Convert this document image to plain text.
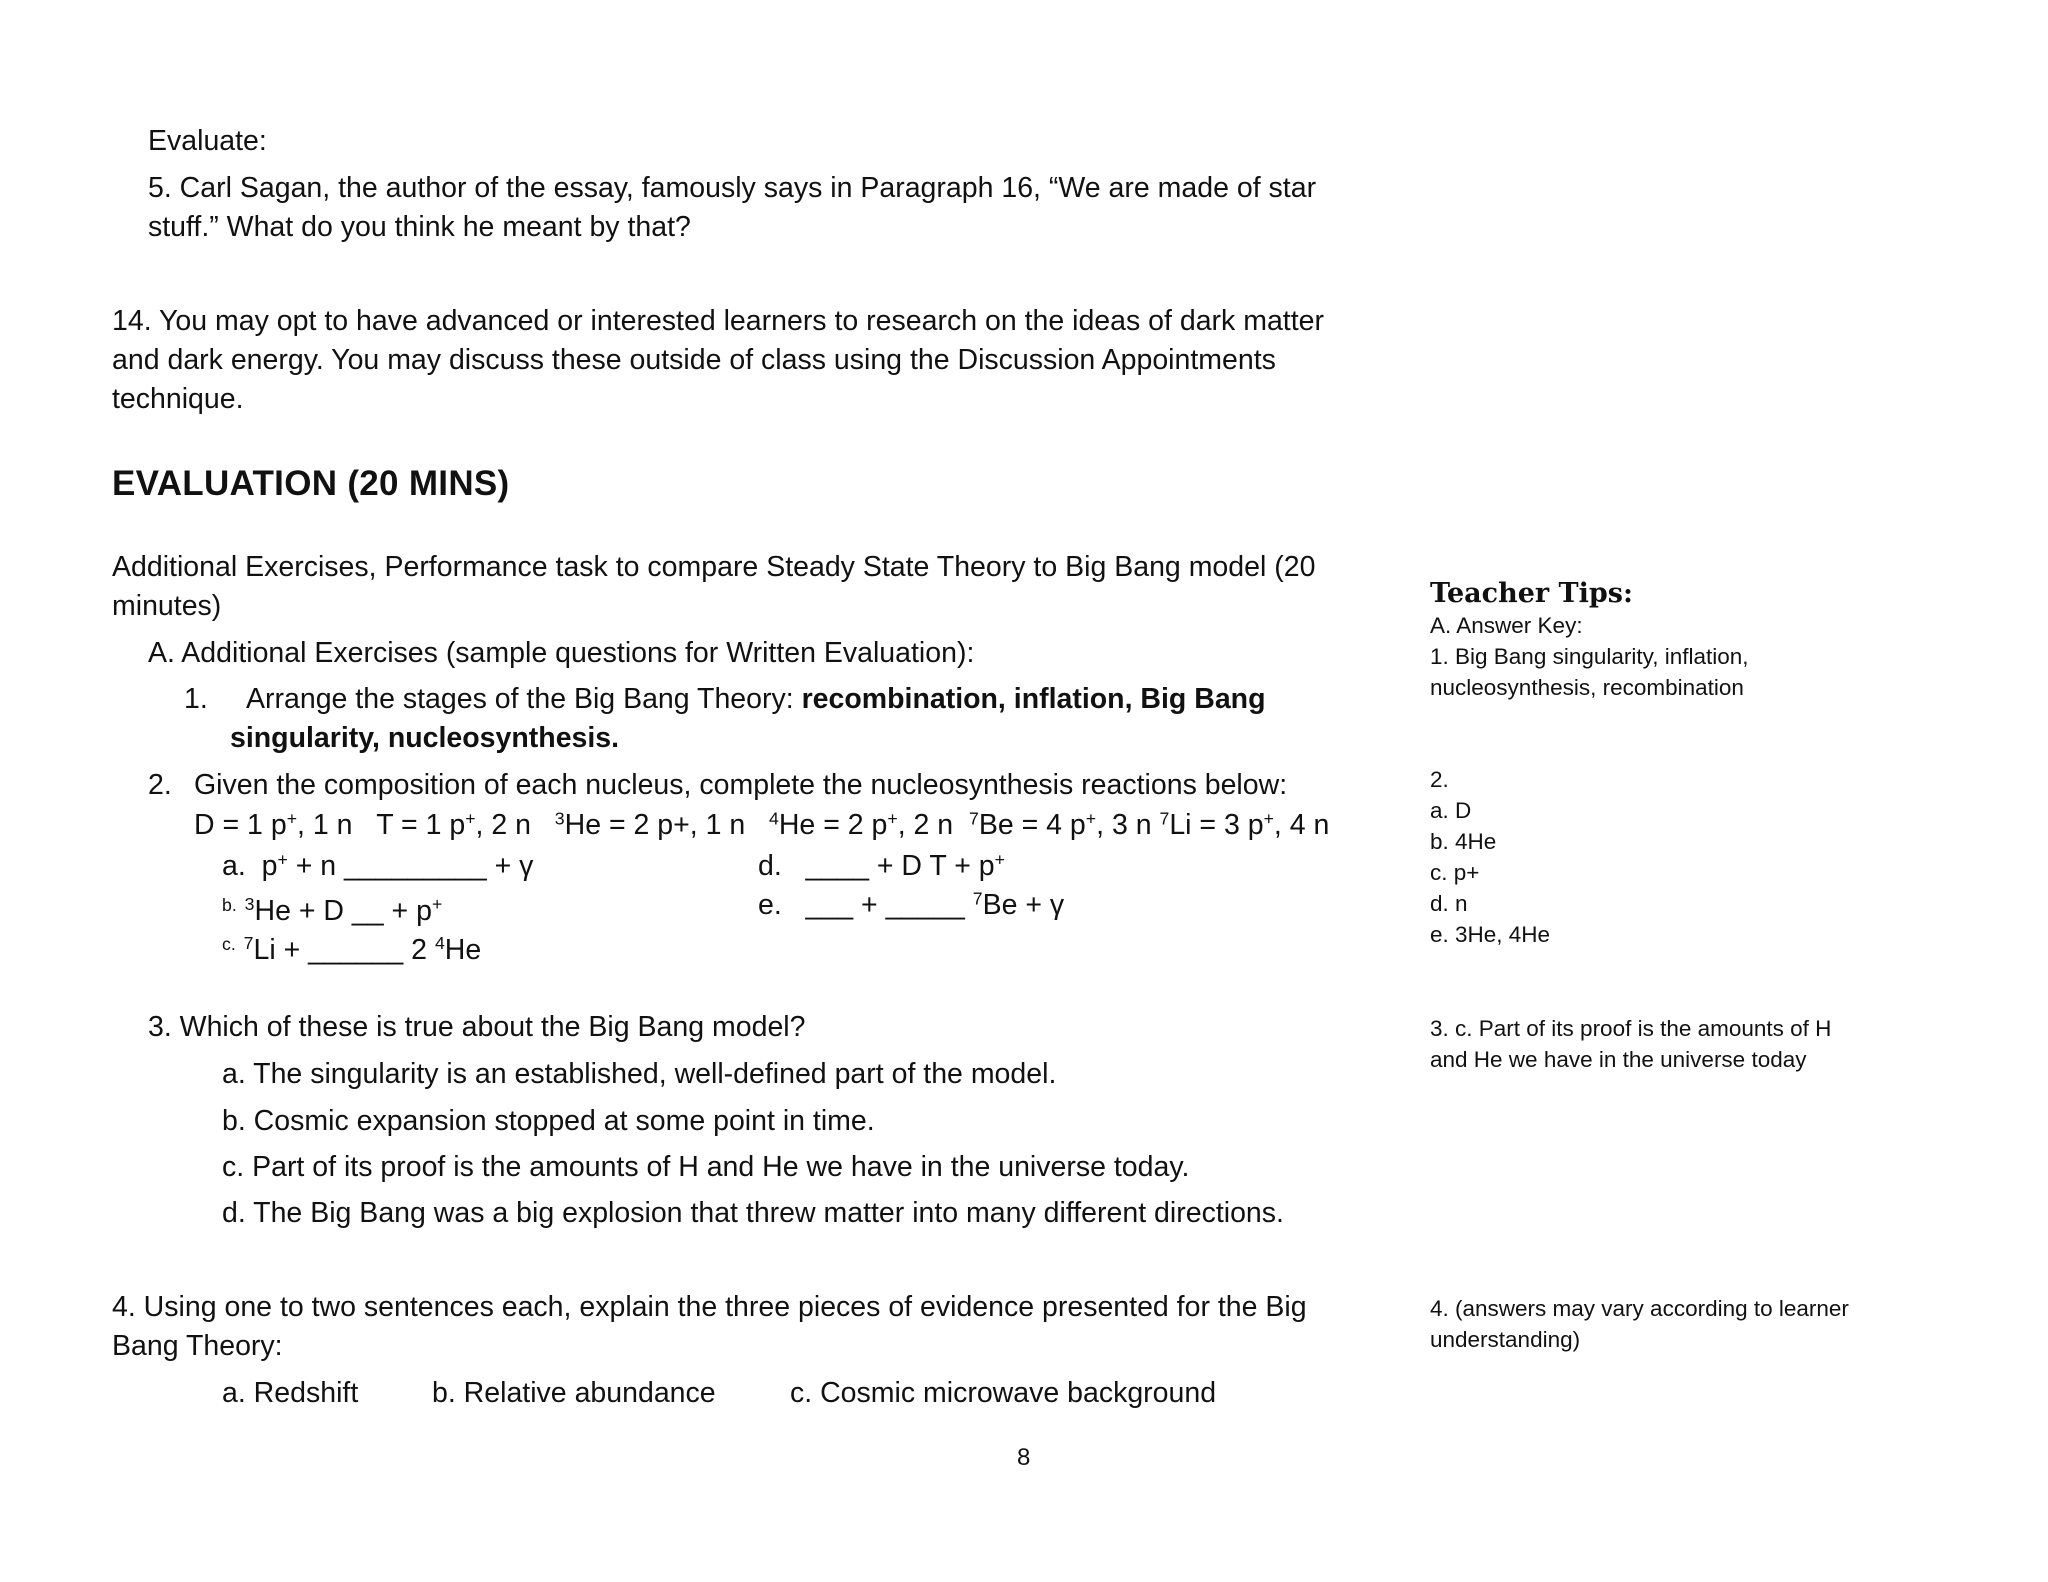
Evaluate:
5. Carl Sagan, the author of the essay, famously says in Paragraph 16, “We are made of star
stuff.” What do you think he meant by that?
14. You may opt to have advanced or interested learners to research on the ideas of dark matter
and dark energy. You may discuss these outside of class using the Discussion Appointments
technique.
EVALUATION (20 MINS)
Additional Exercises, Performance task to compare Steady State Theory to Big Bang model (20
minutes)
A. Additional Exercises (sample questions for Written Evaluation):
1. Arrange the stages of the Big Bang Theory: recombination, inflation, Big Bang
singularity, nucleosynthesis.
2. Given the composition of each nucleus, complete the nucleosynthesis reactions below:
D = 1 p+, 1 n T = 1 p+, 2 n $^3$He = 2 p+, 1 n $^4$He = 2 p+, 2 n $^7$Be = 4 p+, 3 n $^7$Li = 3 p+, 4 n
a. p+ + n _________ + γ
$^{b.}$ $^3$He + D __ + p+
$^{c.}$ $^7$Li + ______ 2 $^4$He
d. ____ + D T + p+
e. ___ + _____ $^7$Be + γ
3. Which of these is true about the Big Bang model?
a. The singularity is an established, well-defined part of the model.
b. Cosmic expansion stopped at some point in time.
c. Part of its proof is the amounts of H and He we have in the universe today.
d. The Big Bang was a big explosion that threw matter into many different directions.
4. Using one to two sentences each, explain the three pieces of evidence presented for the Big
Bang Theory:
a. Redshift	b. Relative abundance	c. Cosmic microwave background
Teacher Tips:
A. Answer Key:
1. Big Bang singularity, inflation,
nucleosynthesis, recombination
2.
a. D
b. 4He
c. p+
d. n
e. 3He, 4He
3. c. Part of its proof is the amounts of H
and He we have in the universe today
4. (answers may vary according to learner
understanding)
8
